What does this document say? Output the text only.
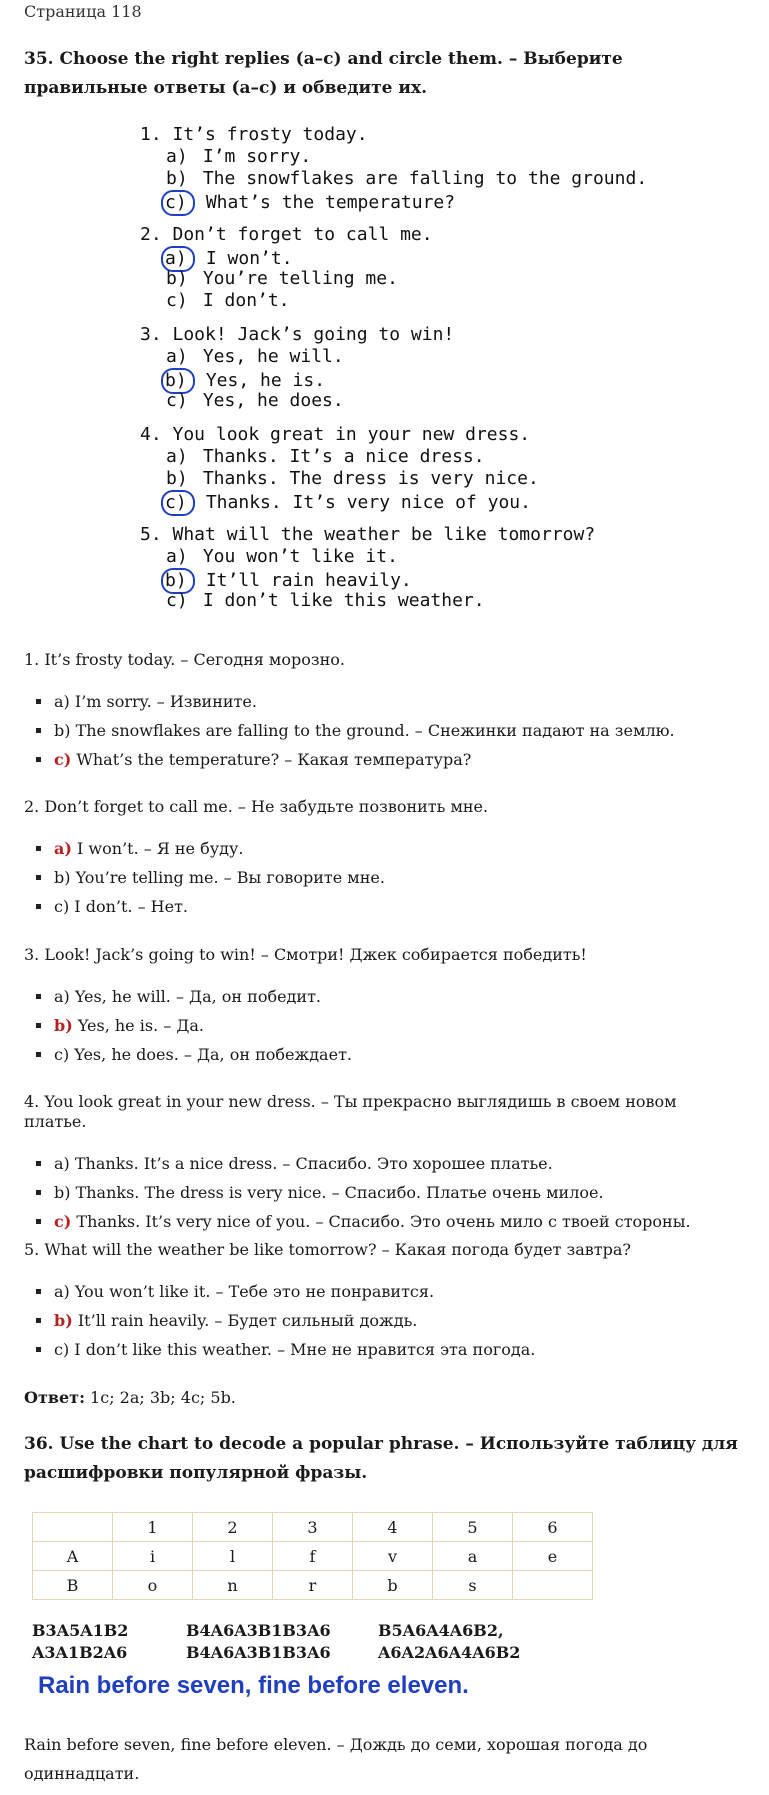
Страница 118
35. Choose the right replies (a–c) and circle them. – Выберите правильные ответы (а–с) и обведите их.
1. It’s frosty today.
a) I’m sorry.
b) The snowflakes are falling to the ground.
c) What’s the temperature?
2. Don’t forget to call me.
a) I won’t.
b) You’re telling me.
c) I don’t.
3. Look! Jack’s going to win!
a) Yes, he will.
b) Yes, he is.
c) Yes, he does.
4. You look great in your new dress.
a) Thanks. It’s a nice dress.
b) Thanks. The dress is very nice.
c) Thanks. It’s very nice of you.
5. What will the weather be like tomorrow?
a) You won’t like it.
b) It’ll rain heavily.
c) I don’t like this weather.

1. It’s frosty today. – Сегодня морозно.

a) I’m sorry. – Извините.
b) The snowflakes are falling to the ground. – Снежинки падают на землю.
c) What’s the temperature? – Какая температура?

2. Don’t forget to call me. – Не забудьте позвонить мне.

a) I won’t. – Я не буду.
b) You’re telling me. – Вы говорите мне.
c) I don’t. – Нет.

3. Look! Jack’s going to win! – Смотри! Джек собирается победить!

a) Yes, he will. – Да, он победит.
b) Yes, he is. – Да.
c) Yes, he does. – Да, он побеждает.

4. You look great in your new dress. – Ты прекрасно выглядишь в своем новом платье.

a) Thanks. It’s a nice dress. – Спасибо. Это хорошее платье.
b) Thanks. The dress is very nice. – Спасибо. Платье очень милое.
c) Thanks. It’s very nice of you. – Спасибо. Это очень мило с твоей стороны.

5. What will the weather be like tomorrow? – Какая погода будет завтра?

a) You won’t like it. – Тебе это не понравится.
b) It’ll rain heavily. – Будет сильный дождь.
c) I don’t like this weather. – Мне не нравится эта погода.
Ответ: 1c; 2a; 3b; 4c; 5b.
36. Use the chart to decode a popular phrase. – Используйте таблицу для расшифровки популярной фразы.
	1	2	3	4	5	6
A	i	l	f	v	a	e
B	o	n	r	b	s	
B3A5A1B2
A3A1B2A6
B4A6A3B1B3A6
B4A6A3B1B3A6
B5A6A4A6B2,
A6A2A6A4A6B2
Rain before seven, fine before eleven.
Rain before seven, fine before eleven. – Дождь до семи, хорошая погода до одиннадцати.
